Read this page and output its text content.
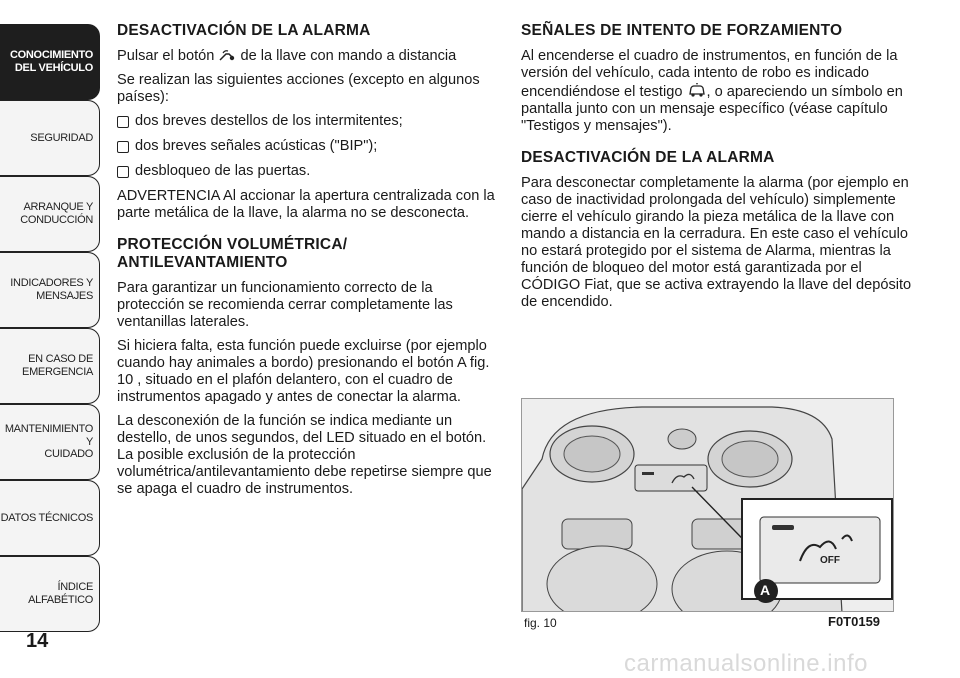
CONOCIMIENTO
DEL VEHÍCULO
SEGURIDAD
ARRANQUE Y
CONDUCCIÓN
INDICADORES Y
MENSAJES
EN CASO DE
EMERGENCIA
MANTENIMIENTO Y
CUIDADO
DATOS TÉCNICOS
ÍNDICE ALFABÉTICO
14
DESACTIVACIÓN DE LA ALARMA

Pulsar el botón de la llave con mando a distancia

Se realizan las siguientes acciones (excepto en algunos países):

dos breves destellos de los intermitentes;
dos breves señales acústicas ("BIP");
desbloqueo de las puertas.

ADVERTENCIA Al accionar la apertura centralizada con la parte metálica de la llave, la alarma no se desconecta.

PROTECCIÓN VOLUMÉTRICA/ ANTILEVANTAMIENTO

Para garantizar un funcionamiento correcto de la protección se recomienda cerrar completamente las ventanillas laterales.

Si hiciera falta, esta función puede excluirse (por ejemplo cuando hay animales a bordo) presionando el botón A fig. 10 , situado en el plafón delantero, con el cuadro de instrumentos apagado y antes de conectar la alarma.

La desconexión de la función se indica mediante un destello, de unos segundos, del LED situado en el botón. La posible exclusión de la protección volumétrica/antilevantamiento debe repetirse siempre que se apaga el cuadro de instrumentos.

SEÑALES DE INTENTO DE FORZAMIENTO

Al encenderse el cuadro de instrumentos, en función de la versión del vehículo, cada intento de robo es indicado encendiéndose el testigo , o apareciendo un símbolo en pantalla junto con un mensaje específico (véase capítulo "Testigos y mensajes").

DESACTIVACIÓN DE LA ALARMA

Para desconectar completamente la alarma (por ejemplo en caso de inactividad prolongada del vehículo) simplemente cierre el vehículo girando la pieza metálica de la llave con mando a distancia en la cerradura. En este caso el vehículo no estará protegido por el sistema de Alarma, mientras la función de bloqueo del motor está garantizada por el CÓDIGO Fiat, que se activa extrayendo la llave del depósito de encendido.

OFF
A
fig. 10	F0T0159
carmanualsonline.info
